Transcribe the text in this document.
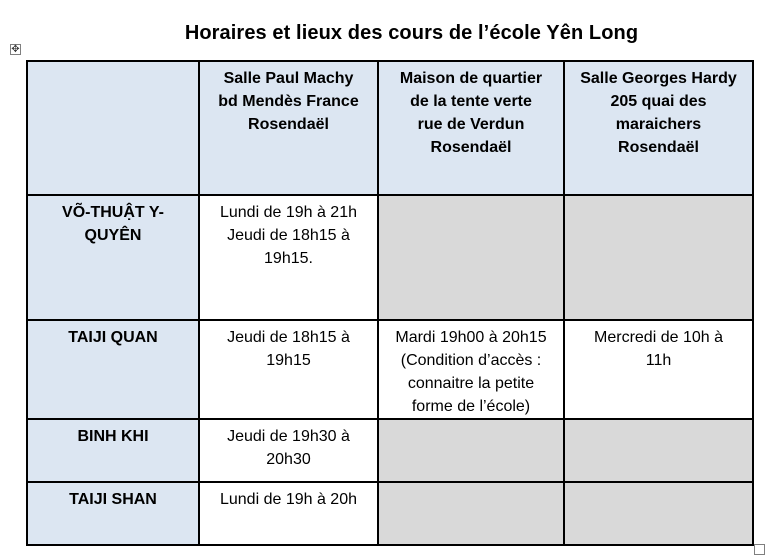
Horaires et lieux des cours de l’école Yên Long
✥

	Salle Paul Machy
bd Mendès France
Rosendaël	Maison de quartier
de la tente verte
rue de Verdun
Rosendaël	Salle Georges Hardy
205 quai des
maraichers
Rosendaël

VÕ-THUẬT Y-
QUYÊN	Lundi de 19h à 21h
Jeudi de 18h15 à
19h15.		

TAIJI QUAN	Jeudi de 18h15 à
19h15	Mardi 19h00 à 20h15
(Condition d’accès :
connaitre la petite
forme de l’école)	Mercredi de 10h à
11h

BINH KHI	Jeudi de 19h30 à
20h30		

TAIJI SHAN	Lundi de 19h à 20h		
